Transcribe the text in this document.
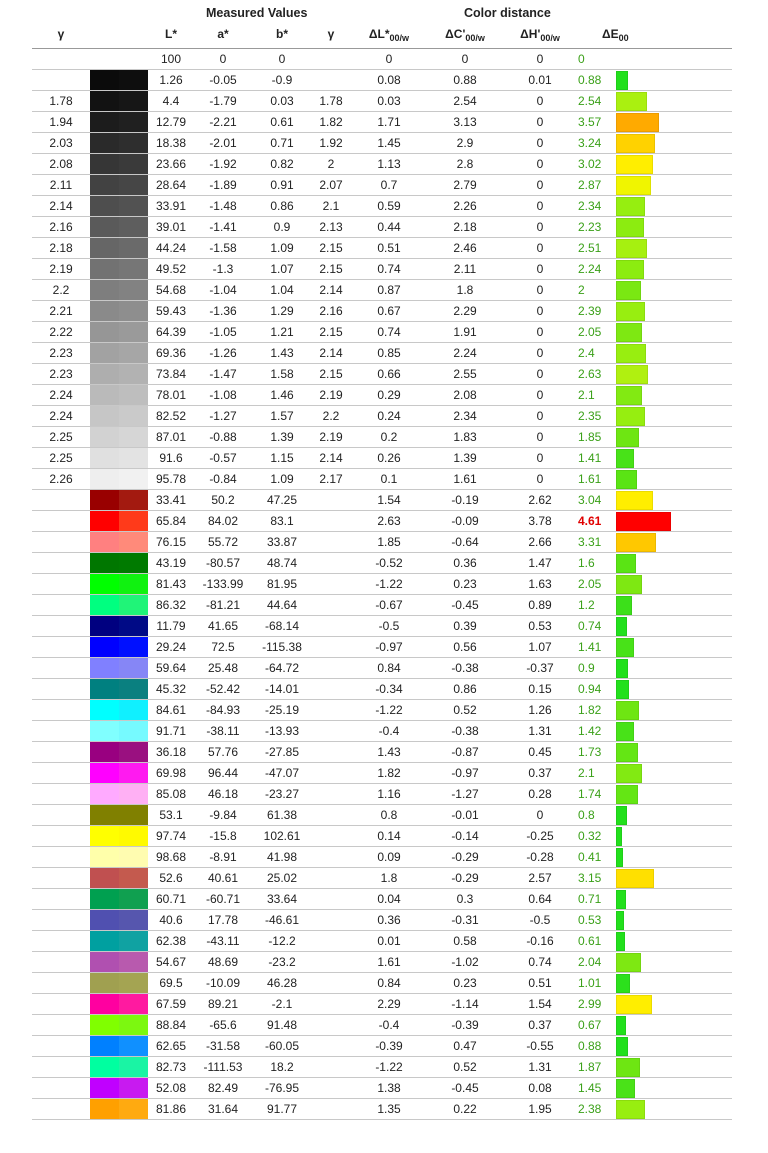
Measured Values	Color distance
γ	L*	a*	b*	γ	$\Delta L*_{00/w}$	$\Delta C'_{00/w}$	$\Delta H'_{00/w}$	$\Delta E_{00}$

	100	0	0		0	0	0	0	

	1.26	-0.05	-0.9		0.08	0.88	0.01	0.88	
1.78		4.4	-1.79	0.03	1.78	0.03	2.54	0	2.54	
1.94		12.79	-2.21	0.61	1.82	1.71	3.13	0	3.57	
2.03		18.38	-2.01	0.71	1.92	1.45	2.9	0	3.24	
2.08		23.66	-1.92	0.82	2	1.13	2.8	0	3.02	
2.11		28.64	-1.89	0.91	2.07	0.7	2.79	0	2.87	
2.14		33.91	-1.48	0.86	2.1	0.59	2.26	0	2.34	
2.16		39.01	-1.41	0.9	2.13	0.44	2.18	0	2.23	
2.18		44.24	-1.58	1.09	2.15	0.51	2.46	0	2.51	
2.19		49.52	-1.3	1.07	2.15	0.74	2.11	0	2.24	
2.2		54.68	-1.04	1.04	2.14	0.87	1.8	0	2	
2.21		59.43	-1.36	1.29	2.16	0.67	2.29	0	2.39	
2.22		64.39	-1.05	1.21	2.15	0.74	1.91	0	2.05	
2.23		69.36	-1.26	1.43	2.14	0.85	2.24	0	2.4	
2.23		73.84	-1.47	1.58	2.15	0.66	2.55	0	2.63	
2.24		78.01	-1.08	1.46	2.19	0.29	2.08	0	2.1	
2.24		82.52	-1.27	1.57	2.2	0.24	2.34	0	2.35	
2.25		87.01	-0.88	1.39	2.19	0.2	1.83	0	1.85	
2.25		91.6	-0.57	1.15	2.14	0.26	1.39	0	1.41	
2.26		95.78	-0.84	1.09	2.17	0.1	1.61	0	1.61	

	33.41	50.2	47.25		1.54	-0.19	2.62	3.04	

	65.84	84.02	83.1		2.63	-0.09	3.78	4.61	

	76.15	55.72	33.87		1.85	-0.64	2.66	3.31	

	43.19	-80.57	48.74		-0.52	0.36	1.47	1.6	

	81.43	-133.99	81.95		-1.22	0.23	1.63	2.05	

	86.32	-81.21	44.64		-0.67	-0.45	0.89	1.2	

	11.79	41.65	-68.14		-0.5	0.39	0.53	0.74	

	29.24	72.5	-115.38		-0.97	0.56	1.07	1.41	

	59.64	25.48	-64.72		0.84	-0.38	-0.37	0.9	

	45.32	-52.42	-14.01		-0.34	0.86	0.15	0.94	

	84.61	-84.93	-25.19		-1.22	0.52	1.26	1.82	

	91.71	-38.11	-13.93		-0.4	-0.38	1.31	1.42	

	36.18	57.76	-27.85		1.43	-0.87	0.45	1.73	

	69.98	96.44	-47.07		1.82	-0.97	0.37	2.1	

	85.08	46.18	-23.27		1.16	-1.27	0.28	1.74	

	53.1	-9.84	61.38		0.8	-0.01	0	0.8	

	97.74	-15.8	102.61		0.14	-0.14	-0.25	0.32	

	98.68	-8.91	41.98		0.09	-0.29	-0.28	0.41	

	52.6	40.61	25.02		1.8	-0.29	2.57	3.15	

	60.71	-60.71	33.64		0.04	0.3	0.64	0.71	

	40.6	17.78	-46.61		0.36	-0.31	-0.5	0.53	

	62.38	-43.11	-12.2		0.01	0.58	-0.16	0.61	

	54.67	48.69	-23.2		1.61	-1.02	0.74	2.04	

	69.5	-10.09	46.28		0.84	0.23	0.51	1.01	

	67.59	89.21	-2.1		2.29	-1.14	1.54	2.99	

	88.84	-65.6	91.48		-0.4	-0.39	0.37	0.67	

	62.65	-31.58	-60.05		-0.39	0.47	-0.55	0.88	

	82.73	-111.53	18.2		-1.22	0.52	1.31	1.87	

	52.08	82.49	-76.95		1.38	-0.45	0.08	1.45	

	81.86	31.64	91.77		1.35	0.22	1.95	2.38	
